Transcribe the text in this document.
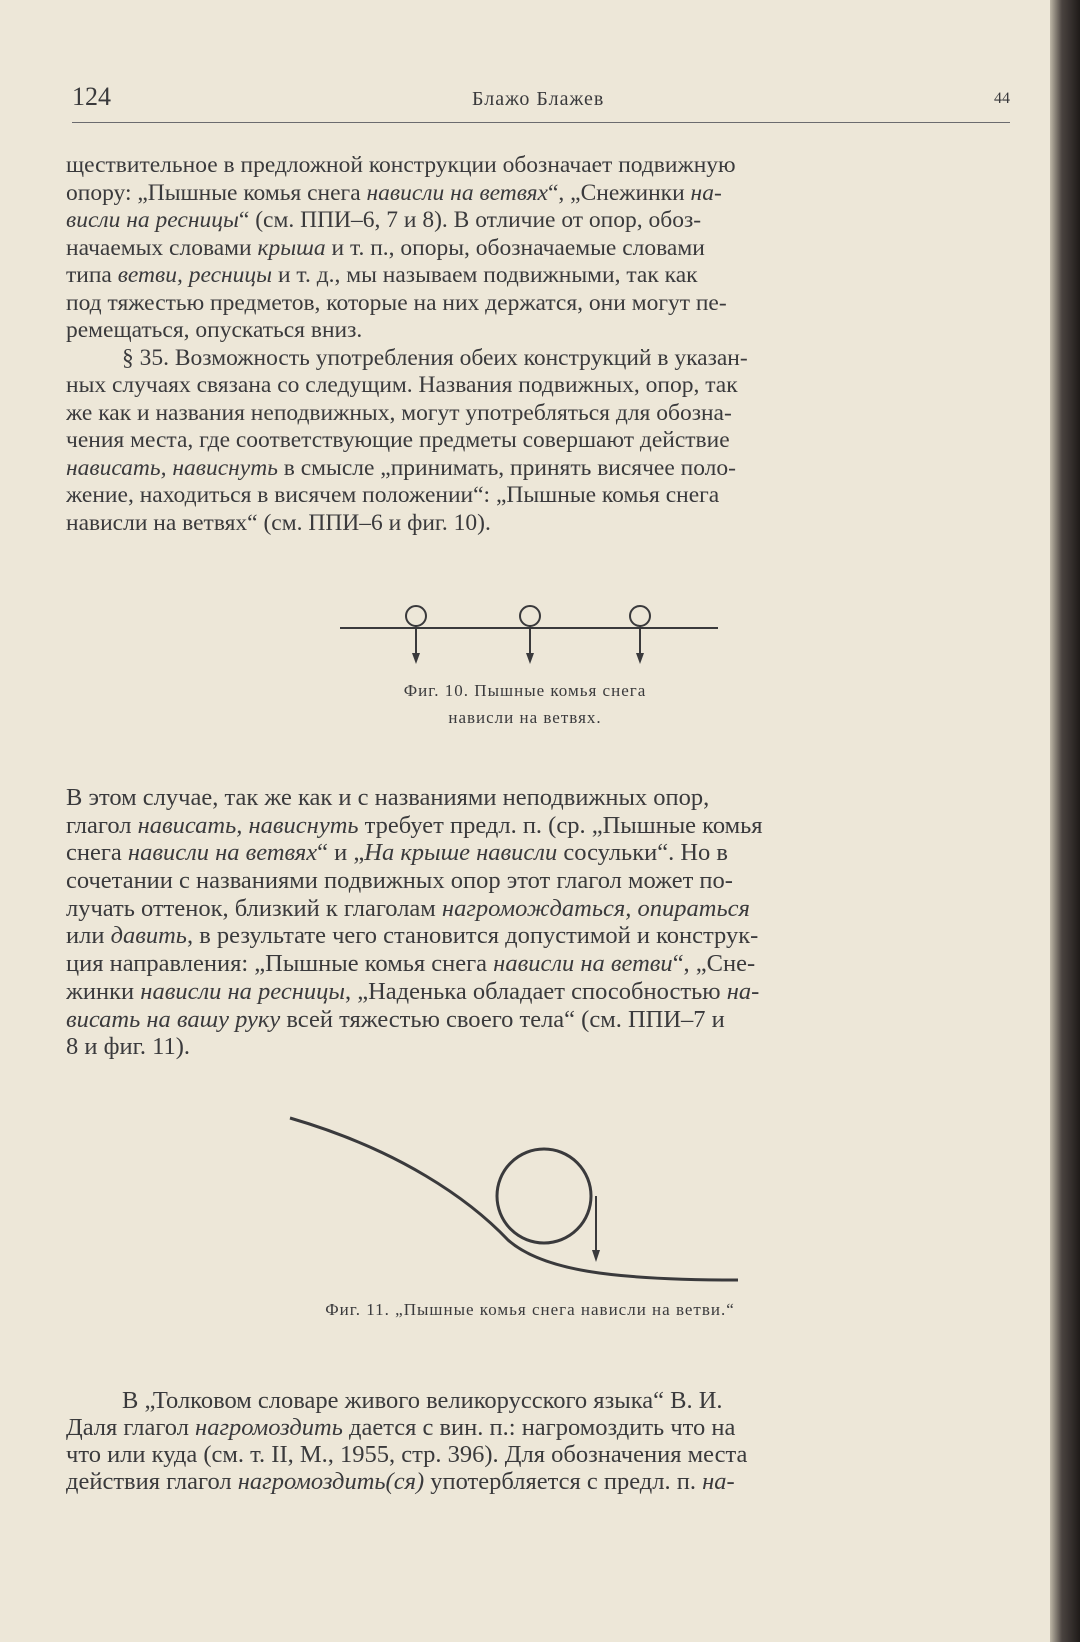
124	Блажо Блажев	44
ществительное в предложной конструкции обозначает подвижную
опору: „Пышные комья снега нависли на ветвях“, „Снежинки на-
висли на ресницы“ (см. ППИ–6, 7 и 8). В отличие от опор, обоз-
начаемых словами крыша и т. п., опоры, обозначаемые словами
типа ветви, ресницы и т. д., мы называем подвижными, так как
под тяжестью предметов, которые на них держатся, они могут пе-
ремещаться, опускаться вниз.
§ 35. Возможность употребления обеих конструкций в указан-
ных случаях связана со следущим. Названия подвижных, опор, так
же как и названия неподвижных, могут употребляться для обозна-
чения места, где соответствующие предметы совершают действие
нависать, нависнуть в смысле „принимать, принять висячее поло-
жение, находиться в висячем положении“: „Пышные комья снега
нависли на ветвях“ (см. ППИ–6 и фиг. 10).
Фиг. 10. Пышные комья снега
нависли на ветвях.
В этом случае, так же как и с названиями неподвижных опор,
глагол нависать, нависнуть требует предл. п. (ср. „Пышные комья
снега нависли на ветвях“ и „На крыше нависли сосульки“. Но в
сочетании с названиями подвижных опор этот глагол может по-
лучать оттенок, близкий к глаголам нагромождаться, опираться
или давить, в результате чего становится допустимой и конструк-
ция направления: „Пышные комья снега нависли на ветви“, „Сне-
жинки нависли на ресницы, „Наденька обладает способностью на-
висать на вашу руку всей тяжестью своего тела“ (см. ППИ–7 и
8 и фиг. 11).
Фиг. 11. „Пышные комья снега нависли на ветви.“
В „Толковом словаре живого великорусского языка“ В. И.
Даля глагол нагромоздить дается с вин. п.: нагромоздить что на
что или куда (см. т. II, М., 1955, стр. 396). Для обозначения места
действия глагол нагромоздить(ся) употербляется с предл. п. на-
